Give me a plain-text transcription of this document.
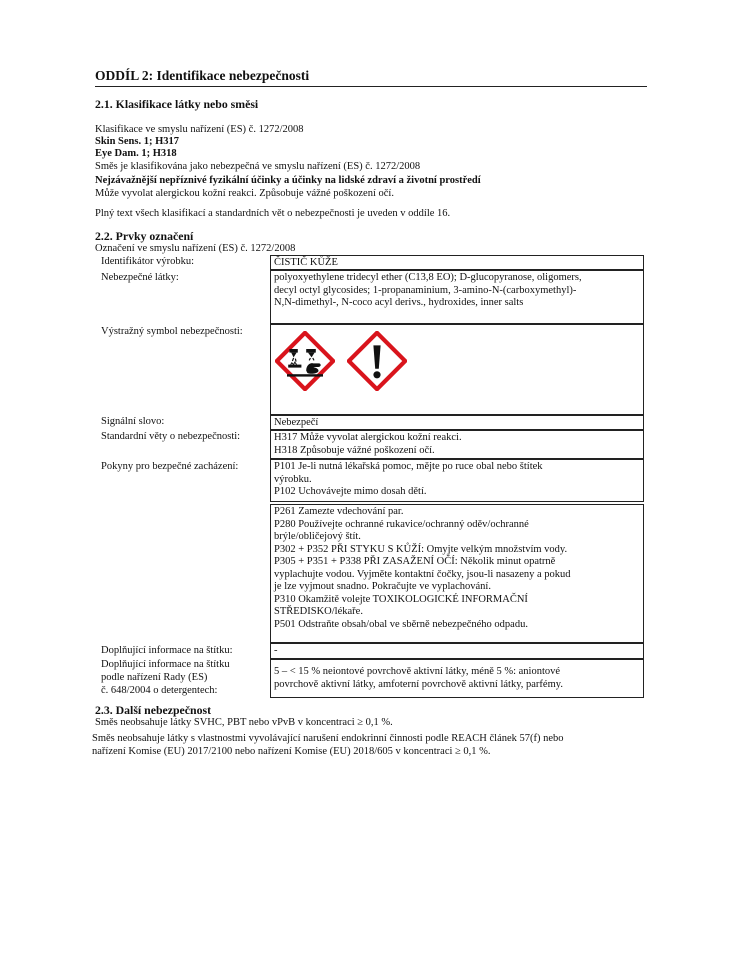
ODDÍL 2: Identifikace nebezpečnosti
2.1. Klasifikace látky nebo směsi
Klasifikace ve smyslu nařízení (ES) č. 1272/2008
Skin Sens. 1; H317
Eye Dam. 1; H318
Směs je klasifikována jako nebezpečná ve smyslu nařízení (ES) č. 1272/2008
Nejzávažnější nepříznivé fyzikální účinky a účinky na lidské zdraví a životní prostředí
Může vyvolat alergickou kožní reakci. Způsobuje vážné poškození očí.
Plný text všech klasifikací a standardních vět o nebezpečnosti je uveden v oddíle 16.
2.2. Prvky označení
Označení ve smyslu nařízení (ES) č. 1272/2008
Identifikátor výrobku:	ČISTIČ KŮŽE
Nebezpečné látky:	polyoxyethylene tridecyl ether (C13,8 EO); D-glucopyranose, oligomers,
decyl octyl glycosides; 1-propanaminium, 3-amino-N-(carboxymethyl)-
N,N-dimethyl-, N-coco acyl derivs., hydroxides, inner salts
Výstražný symbol nebezpečnosti:
Signální slovo:	Nebezpečí
Standardní věty o nebezpečnosti:	H317 Může vyvolat alergickou kožní reakci.
H318 Způsobuje vážné poškození očí.
Pokyny pro bezpečné zacházení:	P101 Je-li nutná lékařská pomoc, mějte po ruce obal nebo štítek
výrobku.
P102 Uchovávejte mimo dosah dětí.
P261 Zamezte vdechování par.
P280 Používejte ochranné rukavice/ochranný oděv/ochranné
brýle/obličejový štít.
P302 + P352 PŘI STYKU S KŮŽÍ: Omyjte velkým množstvím vody.
P305 + P351 + P338 PŘI ZASAŽENÍ OČÍ: Několik minut opatrně
vyplachujte vodou. Vyjměte kontaktní čočky, jsou-li nasazeny a pokud
je lze vyjmout snadno. Pokračujte ve vyplachování.
P310 Okamžitě volejte TOXIKOLOGICKÉ INFORMAČNÍ
STŘEDISKO/lékaře.
P501 Odstraňte obsah/obal ve sběrně nebezpečného odpadu.
Doplňující informace na štítku:	-
Doplňující informace na štítku
podle nařízení Rady (ES)
č. 648/2004 o detergentech:
5 – < 15 % neiontové povrchově aktivní látky, méně 5 %: aniontové
povrchově aktivní látky, amfoterní povrchově aktivní látky, parfémy.
2.3. Další nebezpečnost
Směs neobsahuje látky SVHC, PBT nebo vPvB v koncentraci ≥ 0,1 %.
Směs neobsahuje látky s vlastnostmi vyvolávající narušení endokrinní činnosti podle REACH článek 57(f) nebo
nařízení Komise (EU) 2017/2100 nebo nařízení Komise (EU) 2018/605 v koncentraci ≥ 0,1 %.
